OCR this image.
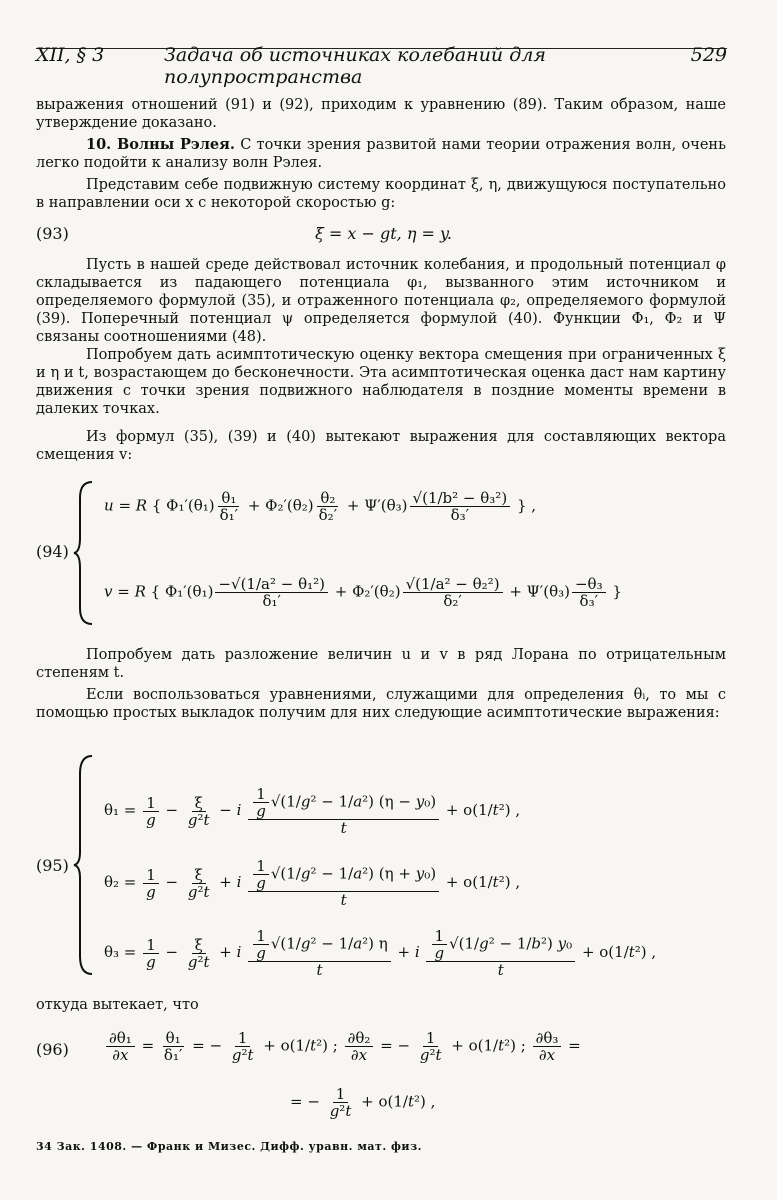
XII, § 3	Задача об источниках колебаний для полупространства
529

выражения отношений (91) и (92), приходим к уравнению (89). Таким образом, наше утверждение доказано.

10. Волны Рэлея. С точки зрения развитой нами теории отражения волн, очень легко подойти к анализу волн Рэлея.

Представим себе подвижную систему координат ξ, η, движущуюся поступательно в направлении оси x с некоторой скоростью g:

(93)	ξ = x − gt, η = y.

Пусть в нашей среде действовал источник колебания, и продольный потенциал φ складывается из падающего потенциала φ₁, вызванного этим источником и определяемого формулой (35), и отраженного потенциала φ₂, определяемого формулой (39). Поперечный потенциал ψ определяется формулой (40). Функции Φ₁, Φ₂ и Ψ связаны соотношениями (48).

Попробуем дать асимптотическую оценку вектора смещения при ограниченных ξ и η и t, возрастающем до бесконечности. Эта асимптотическая оценка даст нам картину движения с точки зрения подвижного наблюдателя в поздние моменты времени в далеких точках.

Из формул (35), (39) и (40) вытекают выражения для составляющих вектора смещения v:

(94)
u = R { $\Phi_1'(\theta_1) \frac{\text{θ₁}}{\text{δ₁′}} + \Phi_2'(\theta_2) \frac{\text{θ₂}}{\text{δ₂′}} + \Psi'(\theta_3) \frac{\text{√(1/b² − θ₃²)}}{\text{δ₃′}}$ } ,
v = R { $\Phi_1'(\theta_1) \frac{\text{−√(1/a² − θ₁²)}}{\text{δ₁′}} + \Phi_2'(\theta_2) \frac{\text{√(1/a² − θ₂²)}}{\text{δ₂′}} + \Psi'(\theta_3) \frac{\text{−θ₃}}{\text{δ₃′}}$ }

Попробуем дать разложение величин u и v в ряд Лорана по отрицательным степеням t.

Если воспользоваться уравнениями, служащими для определения θᵢ, то мы с помощью простых выкладок получим для них следующие асимптотические выражения:

(95)
$\theta_1 = \frac{1}{g} - \frac{\xi}{\text{g²t}} - i \frac{\frac{1}{g} √(1/g^2 - 1/a^2) (\eta - y_0)}{t} + o(1/t^2)$ ,
$\theta_2 = \frac{1}{g} - \frac{\xi}{\text{g²t}} + i \frac{\frac{1}{g} √(1/g^2 - 1/a^2) (\eta + y_0)}{t} + o(1/t^2)$ ,
$\theta_3 = \frac{1}{g} - \frac{\xi}{\text{g²t}} + i \frac{\frac{1}{g} √(1/g^2 - 1/a^2) \eta}{t} + i \frac{\frac{1}{g} √(1/g^2 - 1/b^2) y_0}{t} + o(1/t^2)$ ,

откуда вытекает, что

$(96) \frac{\text{∂θ₁}}{\partial x} = \frac{\text{θ₁}}{\text{δ₁′}}$ = − $\frac{1}{\text{g²t}} + o(1/t^2)$ ; $\frac{\text{∂θ₂}}{\partial x}$ = − $\frac{1}{\text{g²t}} + o(1/t^2)$ ; $\frac{\text{∂θ₃}}{\partial x}$ =
= − $\frac{1}{\text{g²t}} + o(1/t^2)$ ,
34 Зак. 1408. — Франк и Мизес. Дифф. уравн. мат. физ.
